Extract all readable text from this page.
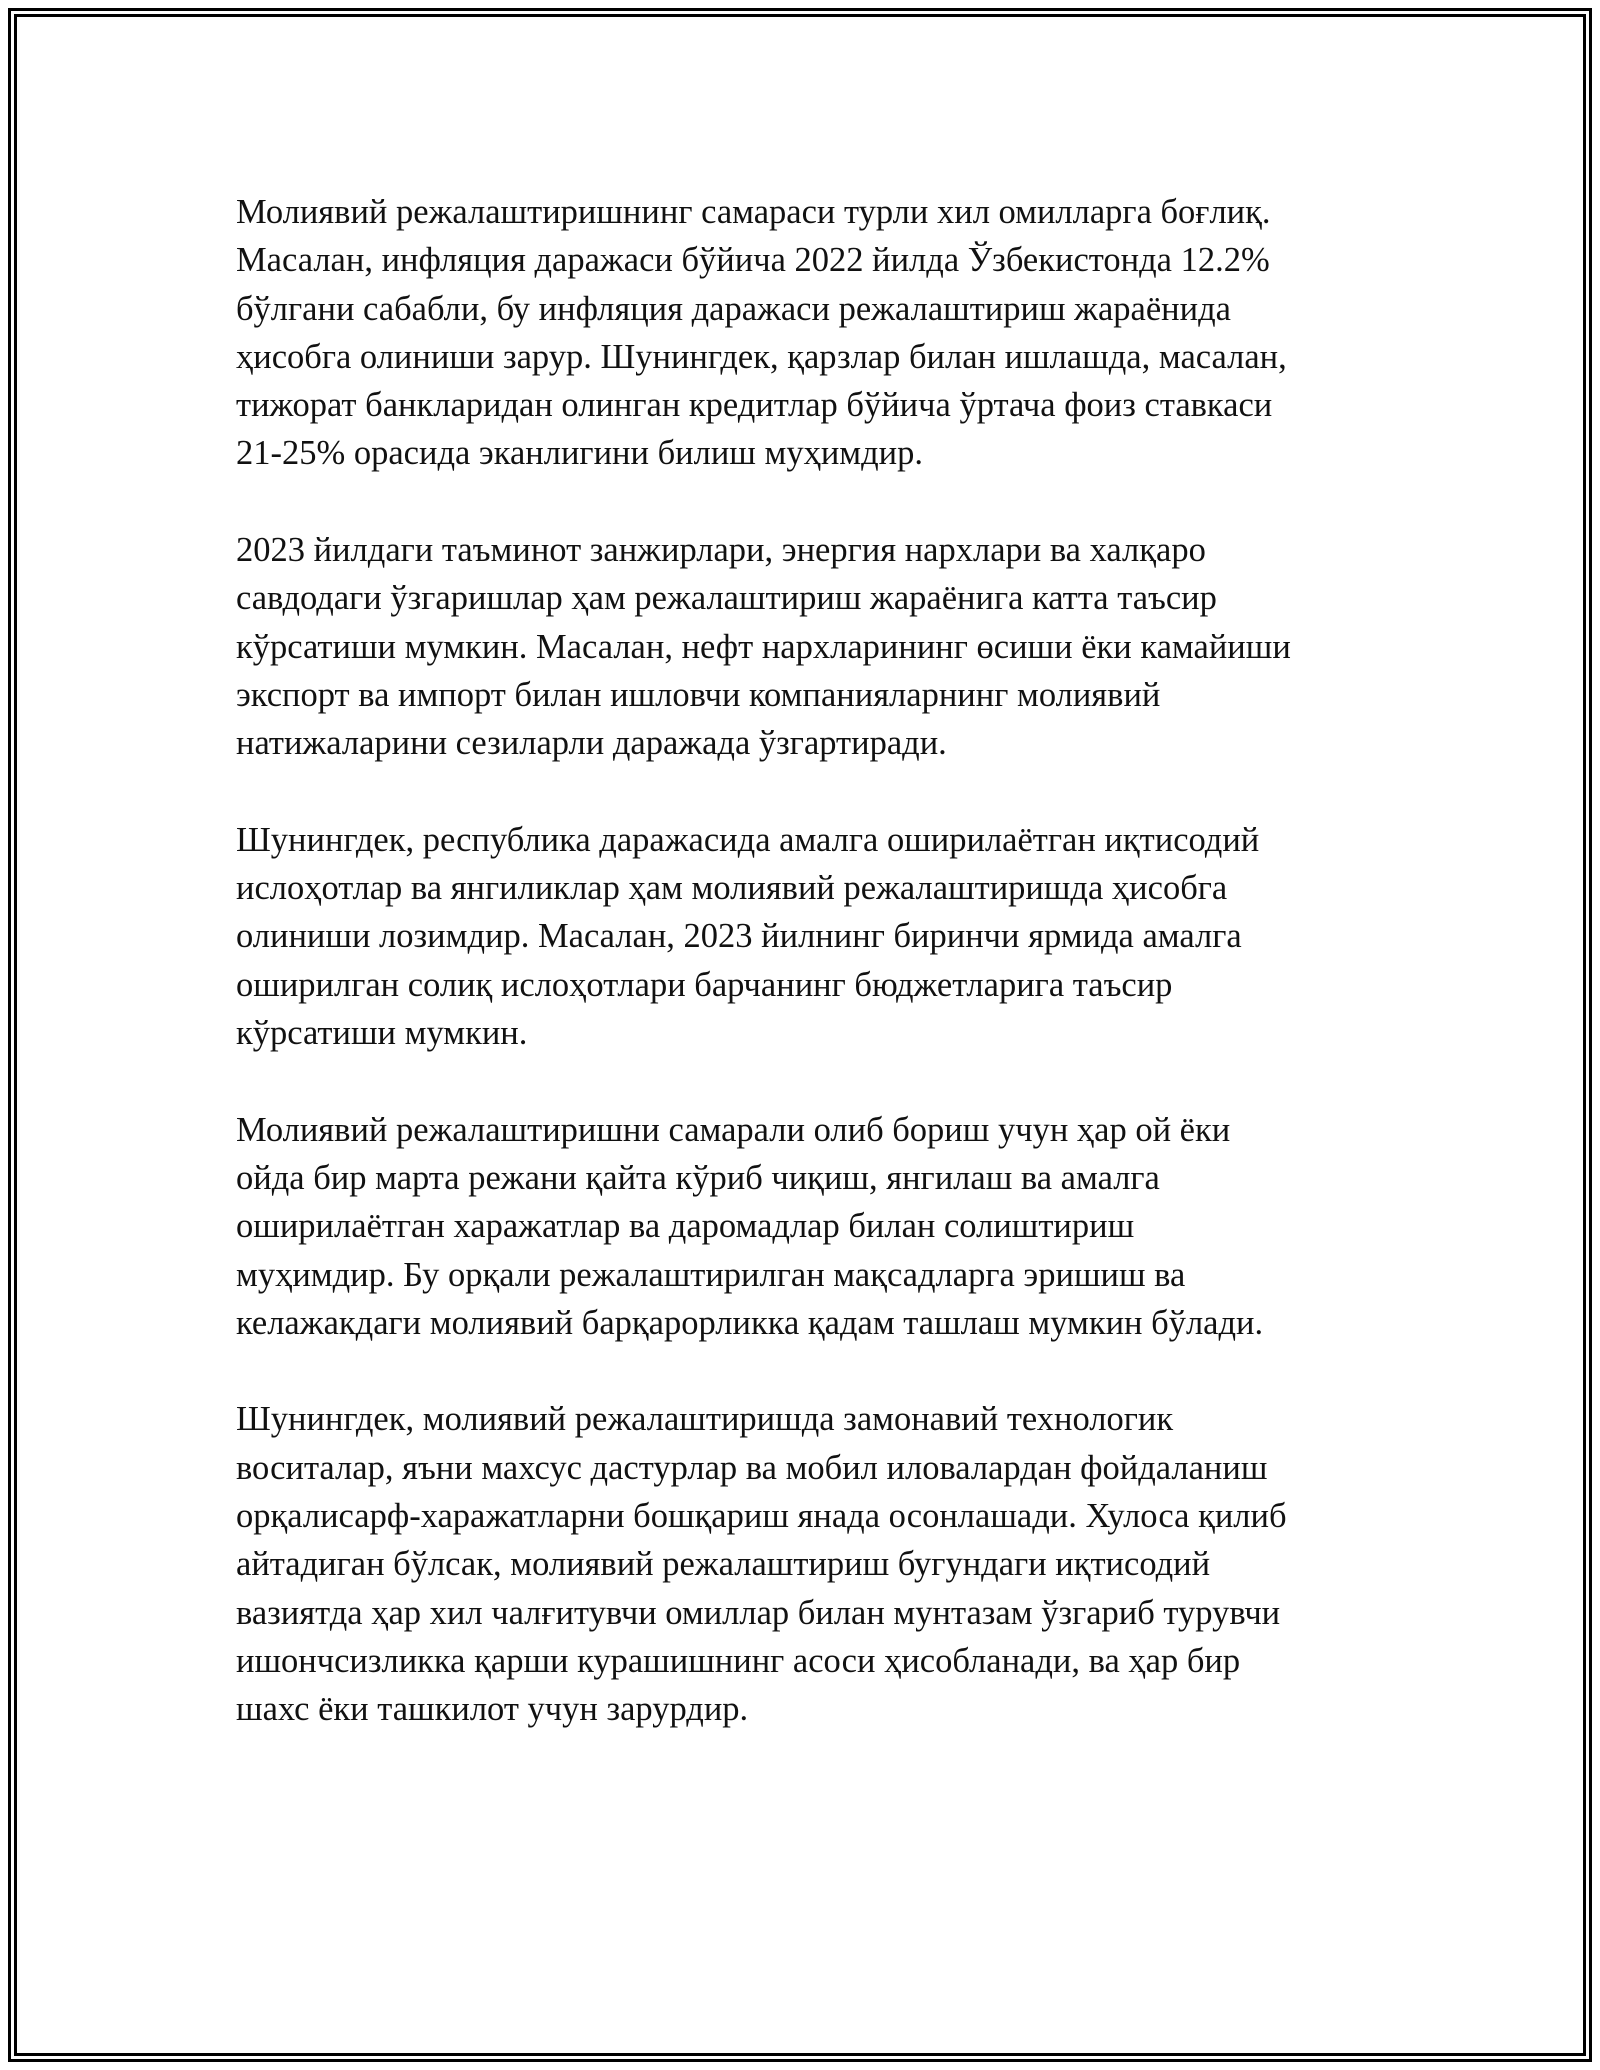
Молиявий режалаштиришнинг самараси турли хил омилларга боғлиқ.
Масалан, инфляция даражаси бўйича 2022 йилда Ўзбекистонда 12.2%
бўлгани сабабли, бу инфляция даражаси режалаштириш жараёнида
ҳисобга олиниши зарур. Шунингдек, қарзлар билан ишлашда, масалан,
тижорат банкларидан олинган кредитлар бўйича ўртача фоиз ставкаси
21-25% орасида эканлигини билиш муҳимдир.

2023 йилдаги таъминот занжирлари, энергия нархлари ва халқаро
савдодаги ўзгаришлар ҳам режалаштириш жараёнига катта таъсир
кўрсатиши мумкин. Масалан, нефт нархларининг өсиши ёки камайиши
экспорт ва импорт билан ишловчи компанияларнинг молиявий
натижаларини сезиларли даражада ўзгартиради.

Шунингдек, республика даражасида амалга оширилаётган иқтисодий
ислоҳотлар ва янгиликлар ҳам молиявий режалаштиришда ҳисобга
олиниши лозимдир. Масалан, 2023 йилнинг биринчи ярмида амалга
оширилган солиқ ислоҳотлари барчанинг бюджетларига таъсир
кўрсатиши мумкин.

Молиявий режалаштиришни самарали олиб бориш учун ҳар ой ёки
ойда бир марта режани қайта кўриб чиқиш, янгилаш ва амалга
оширилаётган харажатлар ва даромадлар билан солиштириш
муҳимдир. Бу орқали режалаштирилган мақсадларга эришиш ва
келажакдаги молиявий барқарорликка қадам ташлаш мумкин бўлади.

Шунингдек, молиявий режалаштиришда замонавий технологик
воситалар, яъни махсус дастурлар ва мобил иловалардан фойдаланиш
орқалисарф-харажатларни бошқариш янада осонлашади. Хулоса қилиб
айтадиган бўлсак, молиявий режалаштириш бугундаги иқтисодий
вазиятда ҳар хил чалғитувчи омиллар билан мунтазам ўзгариб турувчи
ишончсизликка қарши курашишнинг асоси ҳисобланади, ва ҳар бир
шахс ёки ташкилот учун зарурдир.
